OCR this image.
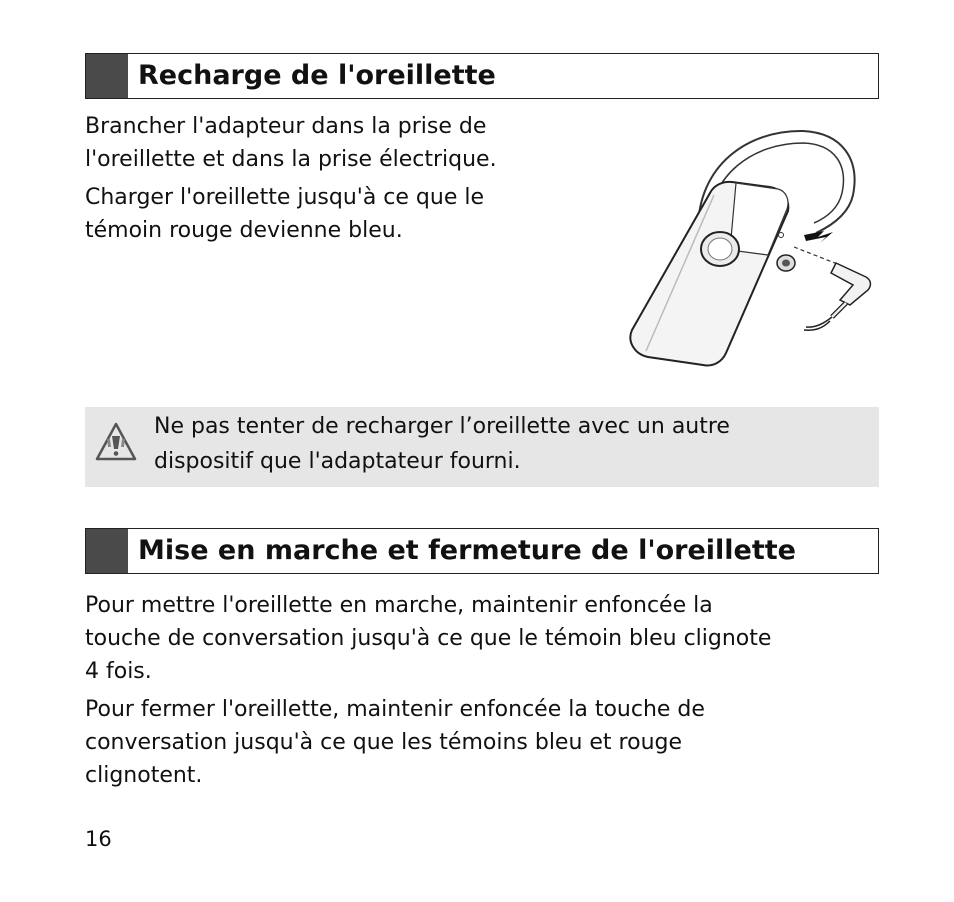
Recharge de l'oreillette

Brancher l'adapteur dans la prise de
l'oreillette et dans la prise électrique.

Charger l'oreillette jusqu'à ce que le
témoin rouge devienne bleu.

Ne pas tenter de recharger l’oreillette avec un autre
dispositif que l'adaptateur fourni.

Mise en marche et fermeture de l'oreillette

Pour mettre l'oreillette en marche, maintenir enfoncée la
touche de conversation jusqu'à ce que le témoin bleu clignote
4 fois.

Pour fermer l'oreillette, maintenir enfoncée la touche de
conversation jusqu'à ce que les témoins bleu et rouge
clignotent.

16
